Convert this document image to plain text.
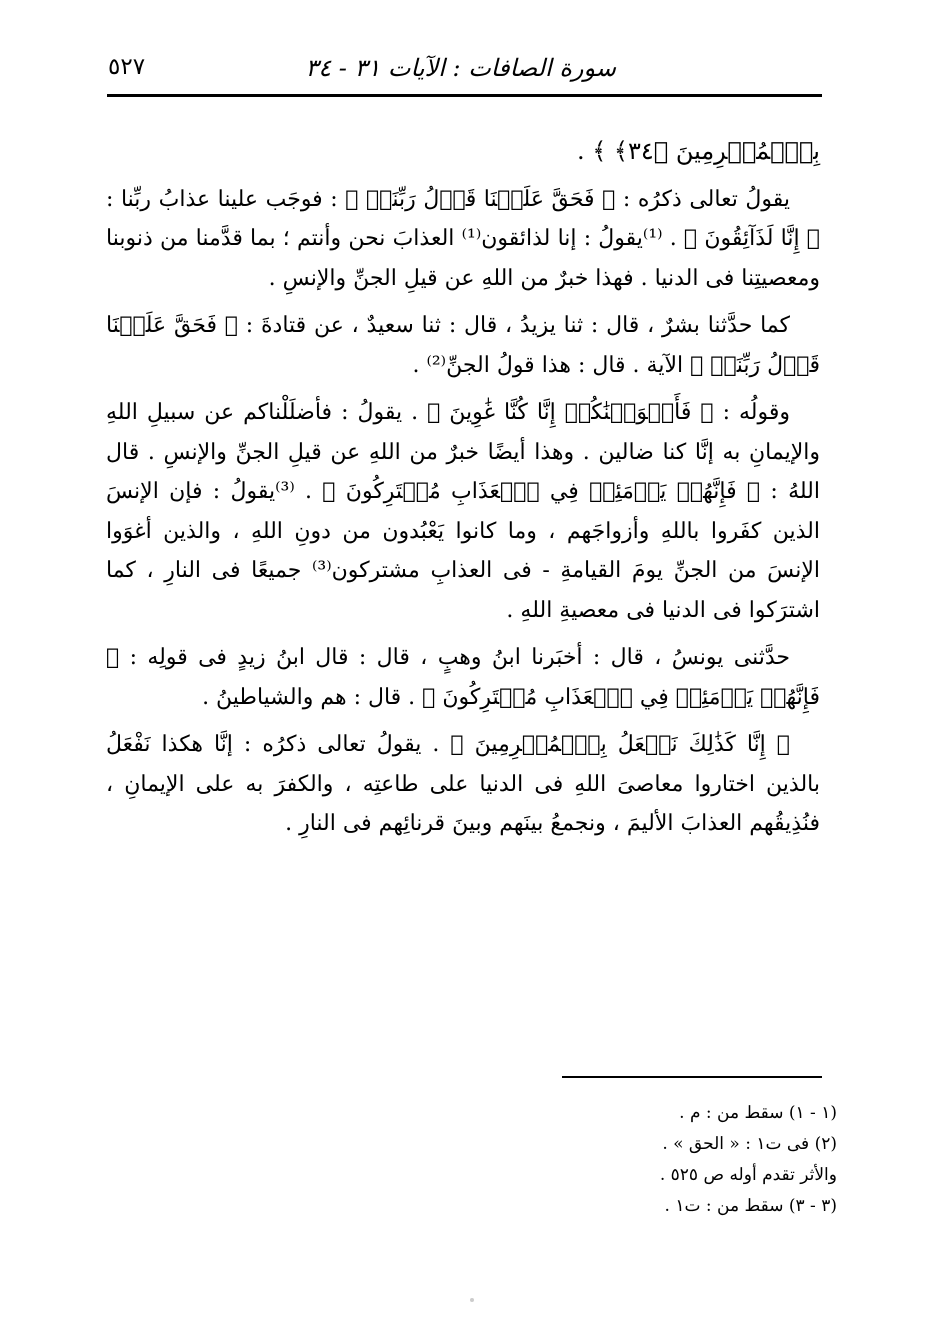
سورة الصافات : الآيات ٣١ - ٣٤
٥٢٧

بِٱلۡمُجۡرِمِينَ ﴿٣٤﴾ ﴾ .

يقولُ تعالى ذكرُه : ﴿ فَحَقَّ عَلَيۡنَا قَوۡلُ رَبِّنَآۖ ﴾ : فوجَب علينا عذابُ ربِّنا : ﴿ إِنَّا لَذَآئِقُونَ ﴾ . ⁽¹⁾يقولُ : إنا لذائقون⁽¹⁾ العذابَ نحن وأنتم ؛ بما قدَّمنا من ذنوبنا ومعصيتِنا فى الدنيا . فهذا خبرٌ من اللهِ عن قيلِ الجنِّ والإنسِ .

كما حدَّثنا بشرٌ ، قال : ثنا يزيدُ ، قال : ثنا سعيدٌ ، عن قتادةَ : ﴿ فَحَقَّ عَلَيۡنَا قَوۡلُ رَبِّنَآۖ ﴾ الآية . قال : هذا قولُ الجنِّ⁽²⁾ .

وقولُه : ﴿ فَأَغۡوَيۡنَٰكُمۡ إِنَّا كُنَّا غَٰوِينَ ﴾ . يقولُ : فأضلَلْناكم عن سبيلِ اللهِ والإيمانِ به إنَّا كنا ضالين . وهذا أيضًا خبرٌ من اللهِ عن قيلِ الجنِّ والإنسِ . قال اللهُ : ﴿ فَإِنَّهُمۡ يَوۡمَئِذٖ فِي ٱلۡعَذَابِ مُشۡتَرِكُونَ ﴾ . ⁽³⁾يقولُ : فإن الإنسَ الذين كفَروا باللهِ وأزواجَهم ، وما كانوا يَعْبُدون من دونِ اللهِ ، والذين أغوَوا الإنسَ من الجنِّ يومَ القيامةِ - فى العذابِ مشتركون⁽³⁾ جميعًا فى النارِ ، كما اشترَكوا فى الدنيا فى معصيةِ اللهِ .

حدَّثنى يونسُ ، قال : أخبَرنا ابنُ وهبٍ ، قال : قال ابنُ زيدٍ فى قولِه : ﴿ فَإِنَّهُمۡ يَوۡمَئِذٖ فِي ٱلۡعَذَابِ مُشۡتَرِكُونَ ﴾ . قال : هم والشياطينُ .

﴿ إِنَّا كَذَٰلِكَ نَفۡعَلُ بِٱلۡمُجۡرِمِينَ ﴾ . يقولُ تعالى ذكرُه : إنَّا هكذا نَفْعَلُ بالذين اختاروا معاصىَ اللهِ فى الدنيا على طاعتِه ، والكفرَ به على الإيمانِ ، فنُذِيقُهم العذابَ الأليمَ ، ونجمعُ بينَهم وبينَ قرنائِهم فى النارِ .

(١ - ١) سقط من : م .

(٢) فى ت١ : « الحق » .

والأثر تقدم أوله ص ٥٢٥ .

(٣ - ٣) سقط من : ت١ .
